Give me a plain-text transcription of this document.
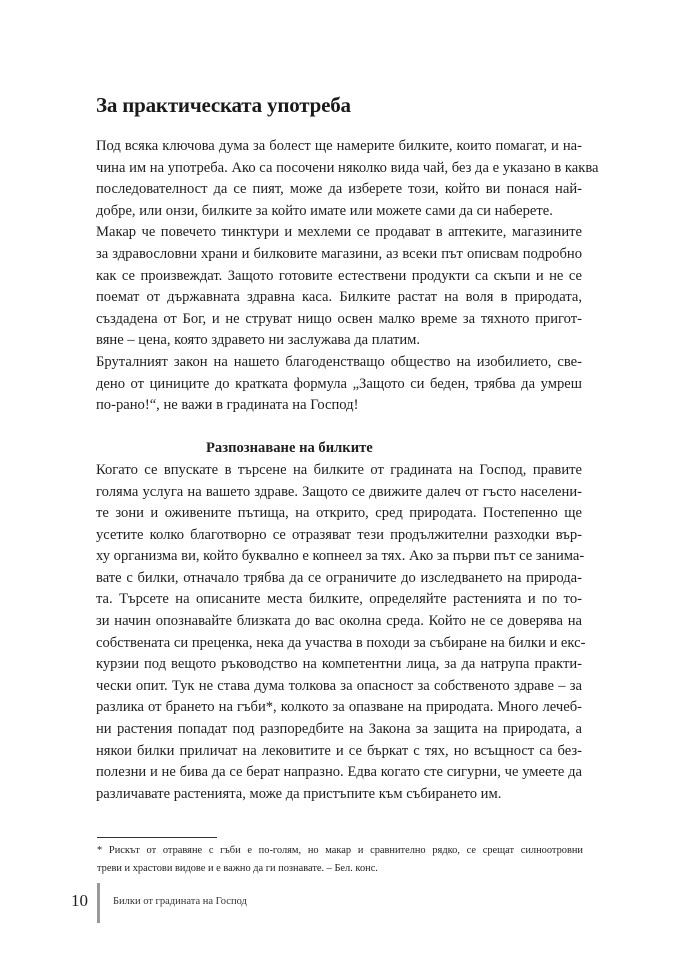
За практическата употреба

Под всяка ключова дума за болест ще намерите билките, които помагат, и на-
чина им на употреба. Ако са посочени няколко вида чай, без да е указано в каква
последователност да се пият, може да изберете този, който ви понася най-
добре, или онзи, билките за който имате или можете сами да си наберете.

Макар че повечето тинктури и мехлеми се продават в аптеките, магазините
за здравословни храни и билковите магазини, аз всеки път описвам подробно
как се произвеждат. Защото готовите естествени продукти са скъпи и не се
поемат от държавната здравна каса. Билките растат на воля в природата,
създадена от Бог, и не струват нищо освен малко време за тяхното пригот-
вяне – цена, която здравето ни заслужава да платим.

Бруталният закон на нашето благоденстващо общество на изобилието, све-
дено от циниците до кратката формула „Защото си беден, трябва да умреш
по-рано!“, не важи в градината на Господ!

Разпознаване на билките

Когато се впускате в търсене на билките от градината на Господ, правите
голяма услуга на вашето здраве. Защото се движите далеч от гъсто населени-
те зони и оживените пътища, на открито, сред природата. Постепенно ще
усетите колко благотворно се отразяват тези продължителни разходки вър-
ху организма ви, който буквално е копнеел за тях. Ако за първи път се занима-
вате с билки, отначало трябва да се ограничите до изследването на природа-
та. Търсете на описаните места билките, определяйте растенията и по то-
зи начин опознавайте близката до вас околна среда. Който не се доверява на
собствената си преценка, нека да участва в походи за събиране на билки и екс-
курзии под вещото ръководство на компетентни лица, за да натрупа практи-
чески опит. Тук не става дума толкова за опасност за собственото здраве – за
разлика от брането на гъби*, колкото за опазване на природата. Много лечеб-
ни растения попадат под разпоредбите на Закона за защита на природата, а
някои билки приличат на лековитите и се бъркат с тях, но всъщност са без-
полезни и не бива да се берат напразно. Едва когато сте сигурни, че умеете да
различавате растенията, може да пристъпите към събирането им.

* Рискът от отравяне с гъби е по-голям, но макар и сравнително рядко, се срещат силноотровни
треви и храстови видове и е важно да ги познавате. – Бел. конс.
10 Билки от градината на Господ
